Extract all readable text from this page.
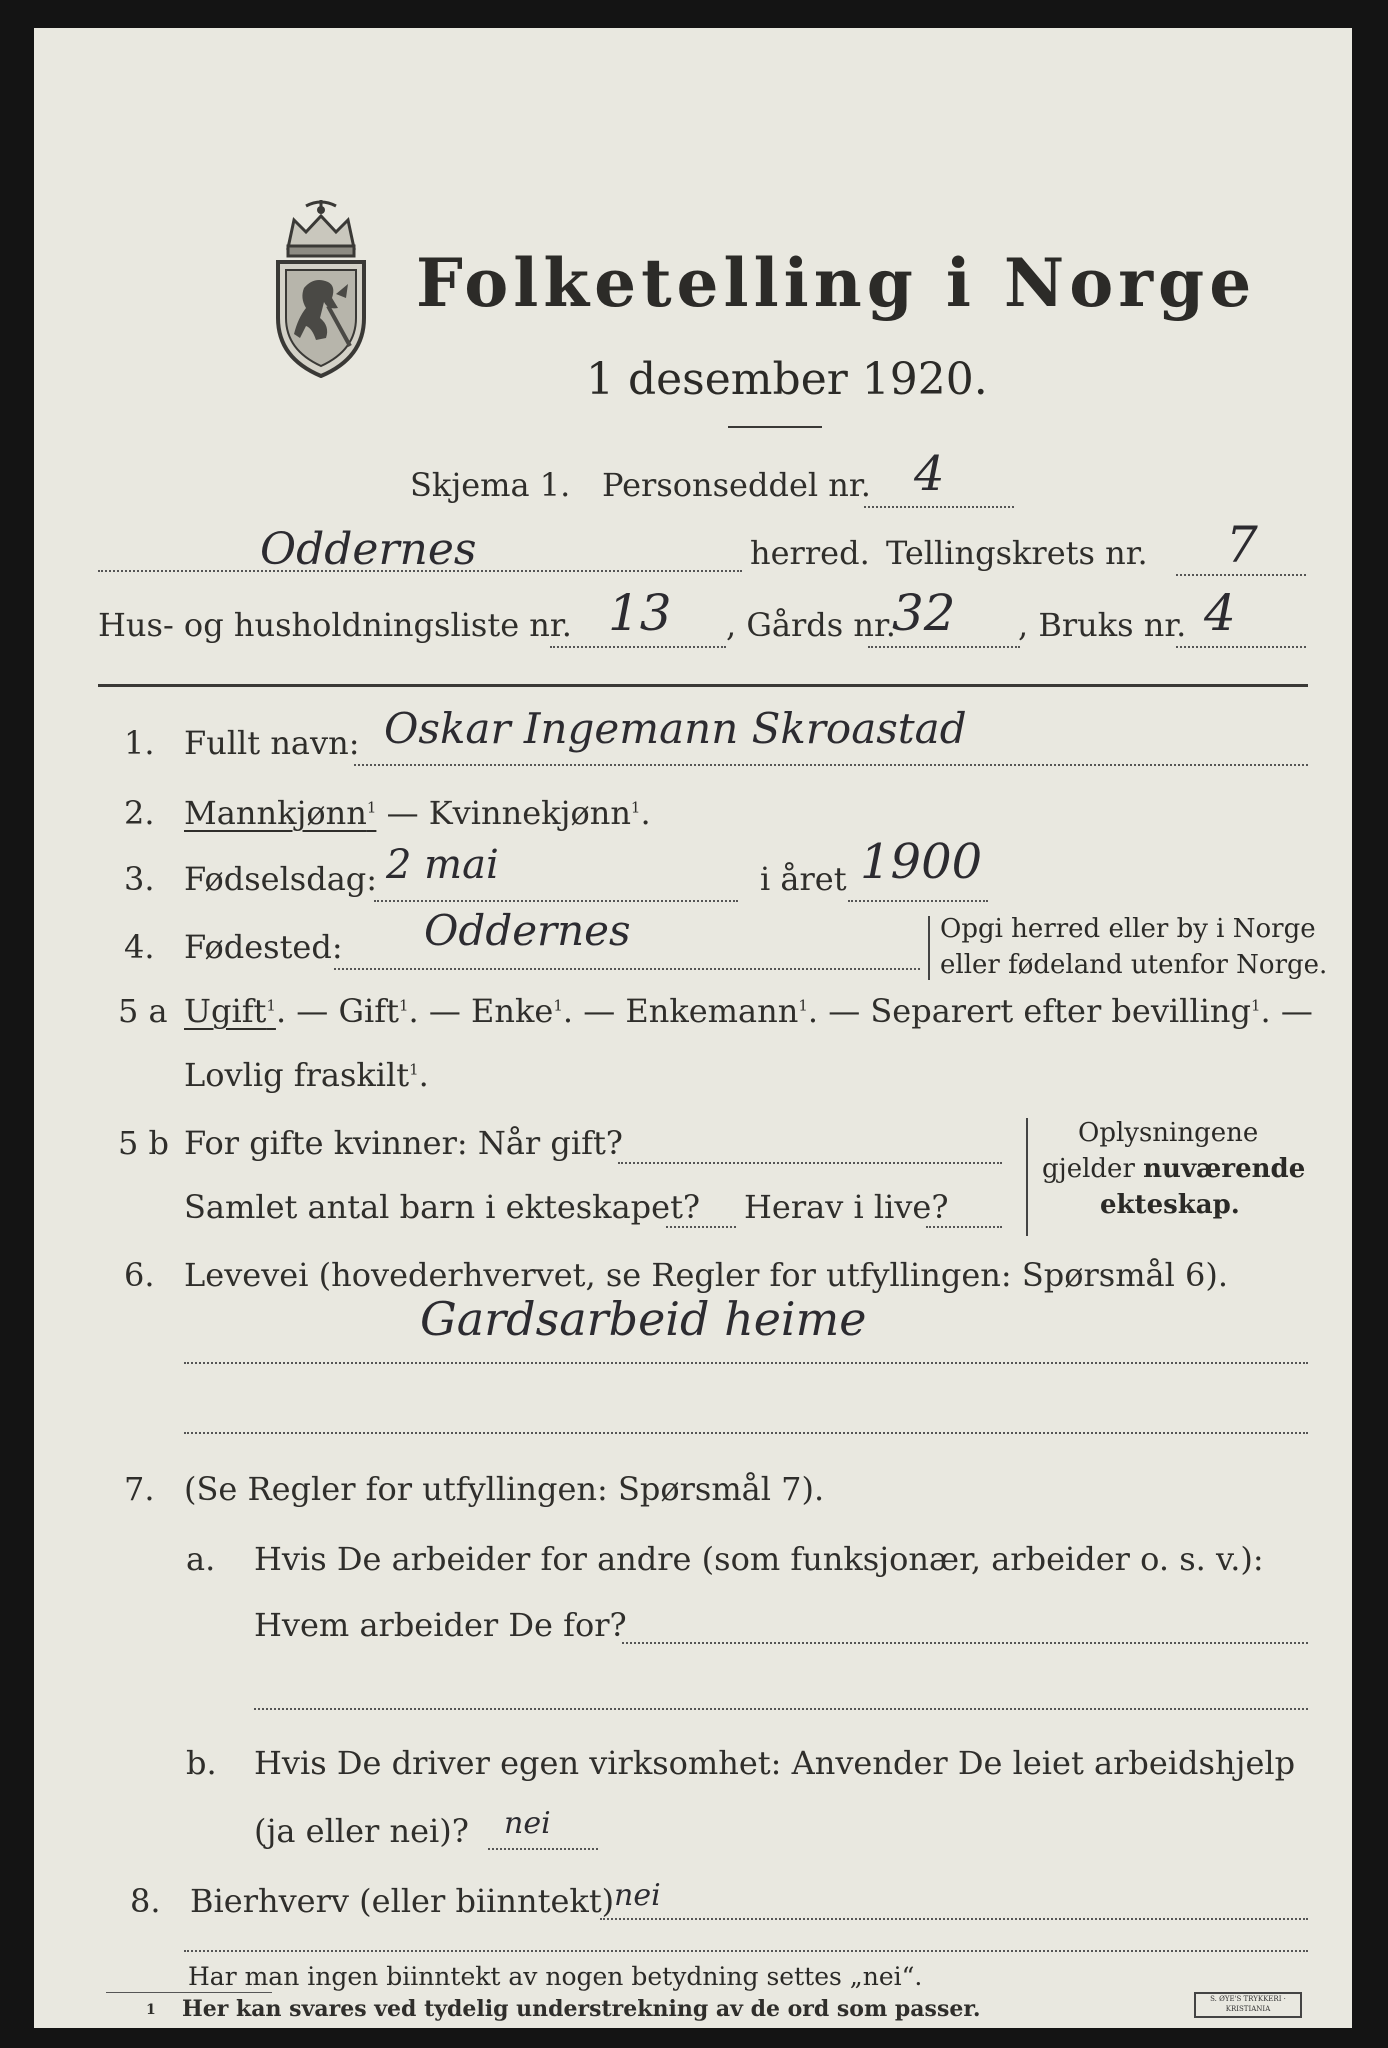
Folketelling i Norge
1 desember 1920.
Skjema 1. Personseddel nr. 4
Oddernes	herred. Tellingskrets nr. 7
Hus- og husholdningsliste nr. 13 , Gårds nr.
32 , Bruks nr. 4
1. Fullt navn: Oskar Ingemann Skroastad
2. Mannkjønn$^1$ — Kvinnekjønn$^1$.
3. Fødselsdag: 2 mai	i året 1900
4. Fødested: Oddernes	Opgi herred eller by i Norge
eller fødeland utenfor Norge.
5 a Ugift$^1$. — Gift$^1$. — Enke$^1$. — Enkemann$^1$. — Separert efter bevilling$^1$. —
Lovlig fraskilt$^1$.
5 b For gifte kvinner: Når gift?
Samlet antal barn i ekteskapet? Herav i live?
Oplysningene
gjelder nuværende
ekteskap.
6. Levevei (hovederhvervet, se Regler for utfyllingen: Spørsmål 6).
Gardsarbeid heime
7. (Se Regler for utfyllingen: Spørsmål 7).
a. Hvis De arbeider for andre (som funksjonær, arbeider o. s. v.):
Hvem arbeider De for?
b. Hvis De driver egen virksomhet: Anvender De leiet arbeidshjelp
(ja eller nei)? nei
8. Bierhverv (eller biinntekt) nei
Har man ingen biinntekt av nogen betydning settes „nei“.
1 Her kan svares ved tydelig understrekning av de ord som passer.	S. ØYE'S TRYKKERI · KRISTIANIA
